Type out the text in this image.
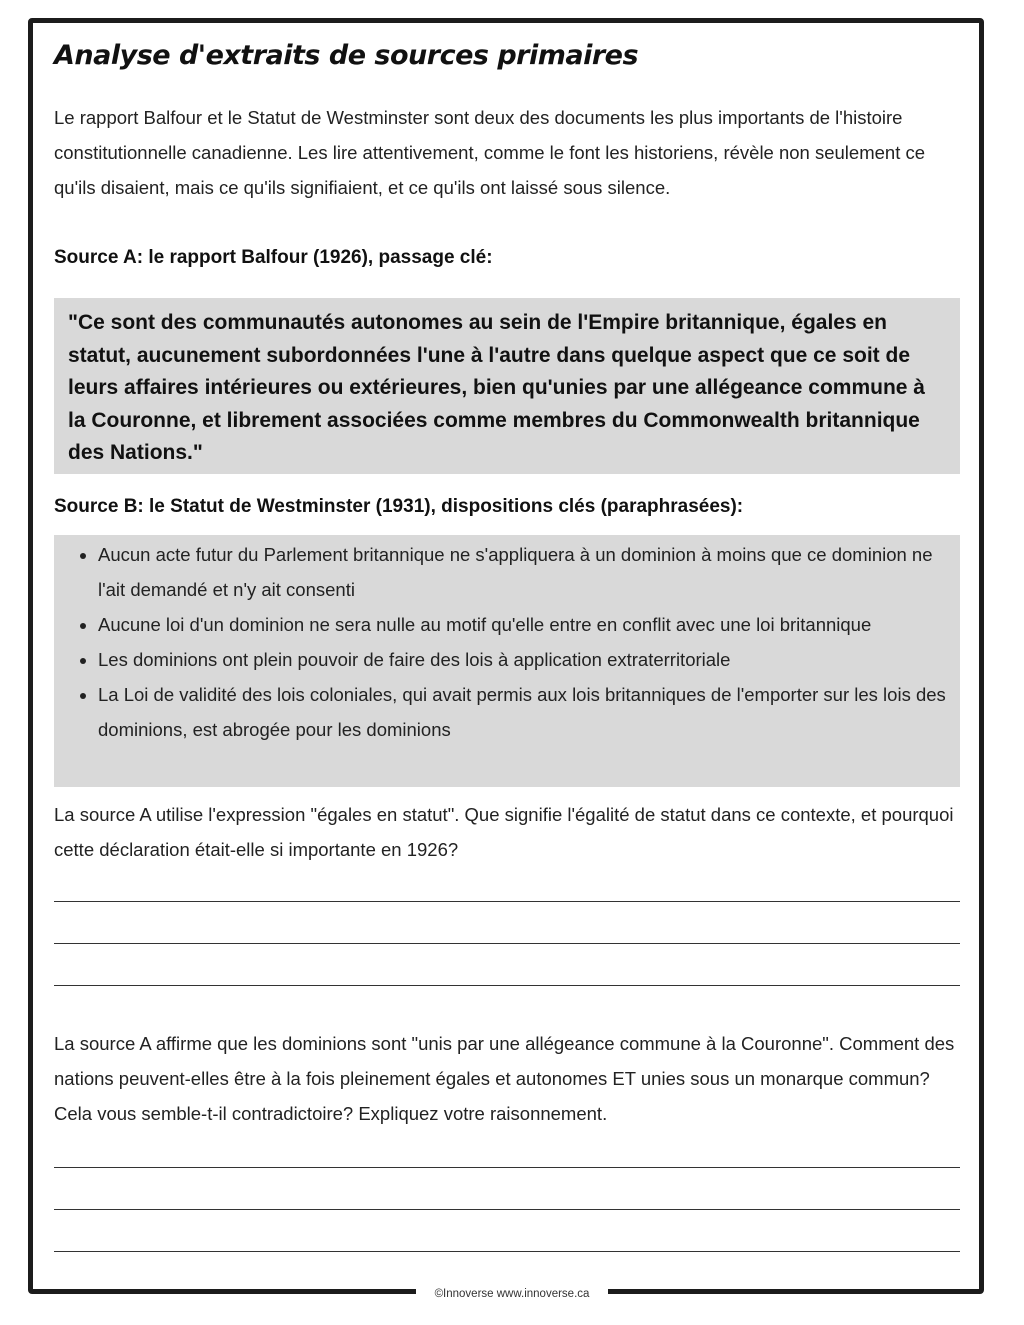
Analyse d'extraits de sources primaires

Le rapport Balfour et le Statut de Westminster sont deux des documents les plus importants de l'histoire constitutionnelle canadienne. Les lire attentivement, comme le font les historiens, révèle non seulement ce qu'ils disaient, mais ce qu'ils signifiaient, et ce qu'ils ont laissé sous silence.

Source A: le rapport Balfour (1926), passage clé:

"Ce sont des communautés autonomes au sein de l'Empire britannique, égales en statut, aucunement subordonnées l'une à l'autre dans quelque aspect que ce soit de leurs affaires intérieures ou extérieures, bien qu'unies par une allégeance commune à la Couronne, et librement associées comme membres du Commonwealth britannique des Nations."

Source B: le Statut de Westminster (1931), dispositions clés (paraphrasées):

• Aucun acte futur du Parlement britannique ne s'appliquera à un dominion à moins que ce dominion ne l'ait demandé et n'y ait consenti
• Aucune loi d'un dominion ne sera nulle au motif qu'elle entre en conflit avec une loi britannique
• Les dominions ont plein pouvoir de faire des lois à application extraterritoriale
• La Loi de validité des lois coloniales, qui avait permis aux lois britanniques de l'emporter sur les lois des dominions, est abrogée pour les dominions

La source A utilise l'expression "égales en statut". Que signifie l'égalité de statut dans ce contexte, et pourquoi cette déclaration était-elle si importante en 1926?

La source A affirme que les dominions sont "unis par une allégeance commune à la Couronne". Comment des nations peuvent-elles être à la fois pleinement égales et autonomes ET unies sous un monarque commun? Cela vous semble-t-il contradictoire? Expliquez votre raisonnement.

©Innoverse www.innoverse.ca
